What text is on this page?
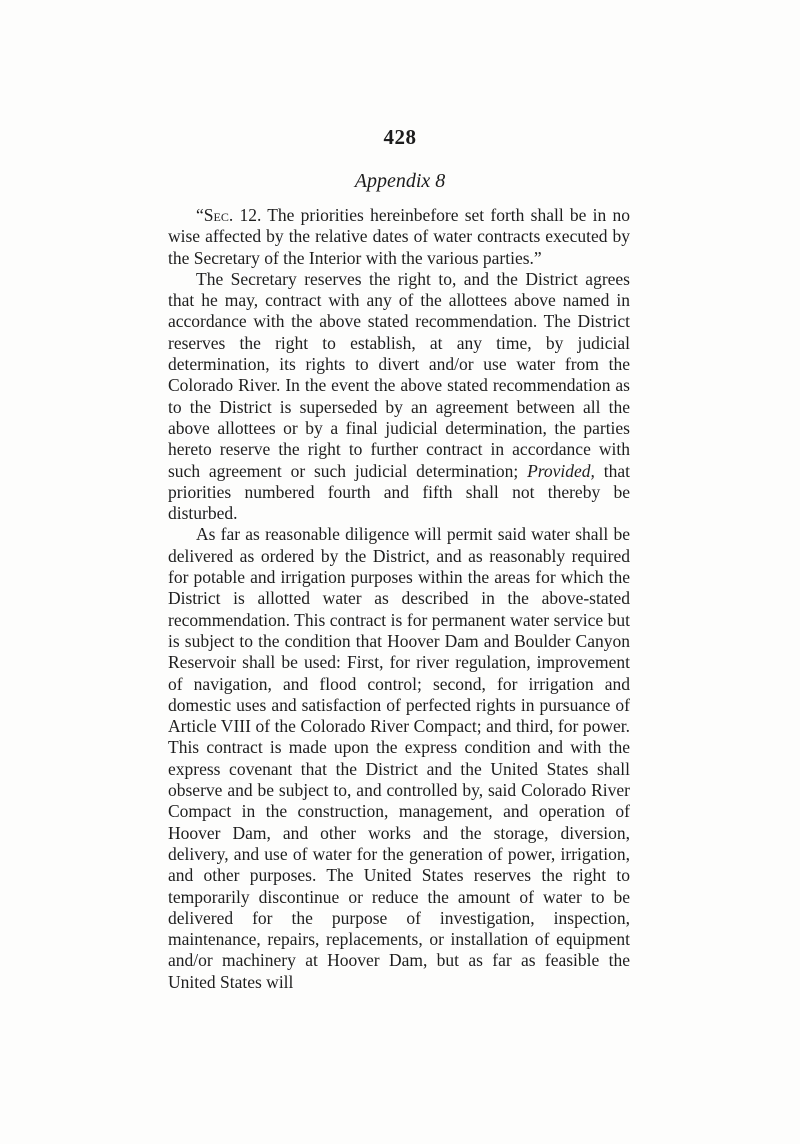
428
Appendix 8

“Sec. 12. The priorities hereinbefore set forth shall be in no wise affected by the relative dates of water contracts executed by the Secretary of the Interior with the various parties.”

The Secretary reserves the right to, and the District agrees that he may, contract with any of the allottees above named in accordance with the above stated recommendation. The District reserves the right to establish, at any time, by judicial determination, its rights to divert and/or use water from the Colorado River. In the event the above stated recommendation as to the District is superseded by an agreement between all the above allottees or by a final judicial determination, the parties hereto reserve the right to further contract in accordance with such agreement or such judicial determination; Provided, that priorities numbered fourth and fifth shall not thereby be disturbed.

As far as reasonable diligence will permit said water shall be delivered as ordered by the District, and as reasonably required for potable and irrigation purposes within the areas for which the District is allotted water as described in the above-stated recommendation. This contract is for permanent water service but is subject to the condition that Hoover Dam and Boulder Canyon Reservoir shall be used: First, for river regulation, improvement of navigation, and flood control; second, for irrigation and domestic uses and satisfaction of perfected rights in pursuance of Article VIII of the Colorado River Compact; and third, for power. This contract is made upon the express condition and with the express covenant that the District and the United States shall observe and be subject to, and controlled by, said Colorado River Compact in the construction, management, and operation of Hoover Dam, and other works and the storage, diversion, delivery, and use of water for the generation of power, irrigation, and other purposes. The United States reserves the right to temporarily discontinue or reduce the amount of water to be delivered for the purpose of investigation, inspection, maintenance, repairs, replacements, or installation of equipment and/or machinery at Hoover Dam, but as far as feasible the United States will
